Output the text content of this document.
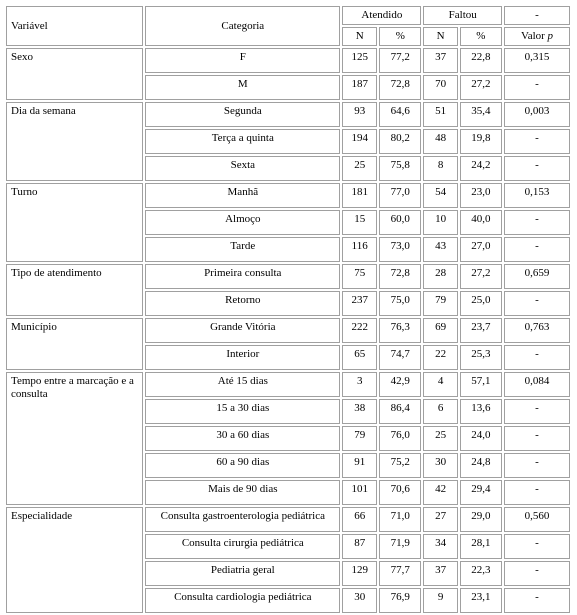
Variável	Categoria	Atendido		Faltou		-
		N	%	N	%	Valor p
Sexo	F	125	77,2	37	22,8	0,315
	M	187	72,8	70	27,2	-
Dia da semana	Segunda	93	64,6	51	35,4	0,003
	Terça a quinta	194	80,2	48	19,8	-
	Sexta	25	75,8	8	24,2	-
Turno	Manhã	181	77,0	54	23,0	0,153
	Almoço	15	60,0	10	40,0	-
	Tarde	116	73,0	43	27,0	-
Tipo de atendimento	Primeira consulta	75	72,8	28	27,2	0,659
	Retorno	237	75,0	79	25,0	-
Município	Grande Vitória	222	76,3	69	23,7	0,763
	Interior	65	74,7	22	25,3	-
Tempo entre a marcação e a consulta	Até 15 dias	3	42,9	4	57,1	0,084
	15 a 30 dias	38	86,4	6	13,6	-
	30 a 60 dias	79	76,0	25	24,0	-
	60 a 90 dias	91	75,2	30	24,8	-
	Mais de 90 dias	101	70,6	42	29,4	-
Especialidade	Consulta gastroenterologia pediátrica	66	71,0	27	29,0	0,560
	Consulta cirurgia pediátrica	87	71,9	34	28,1	-
	Pediatria geral	129	77,7	37	22,3	-
	Consulta cardiologia pediátrica	30	76,9	9	23,1	-
